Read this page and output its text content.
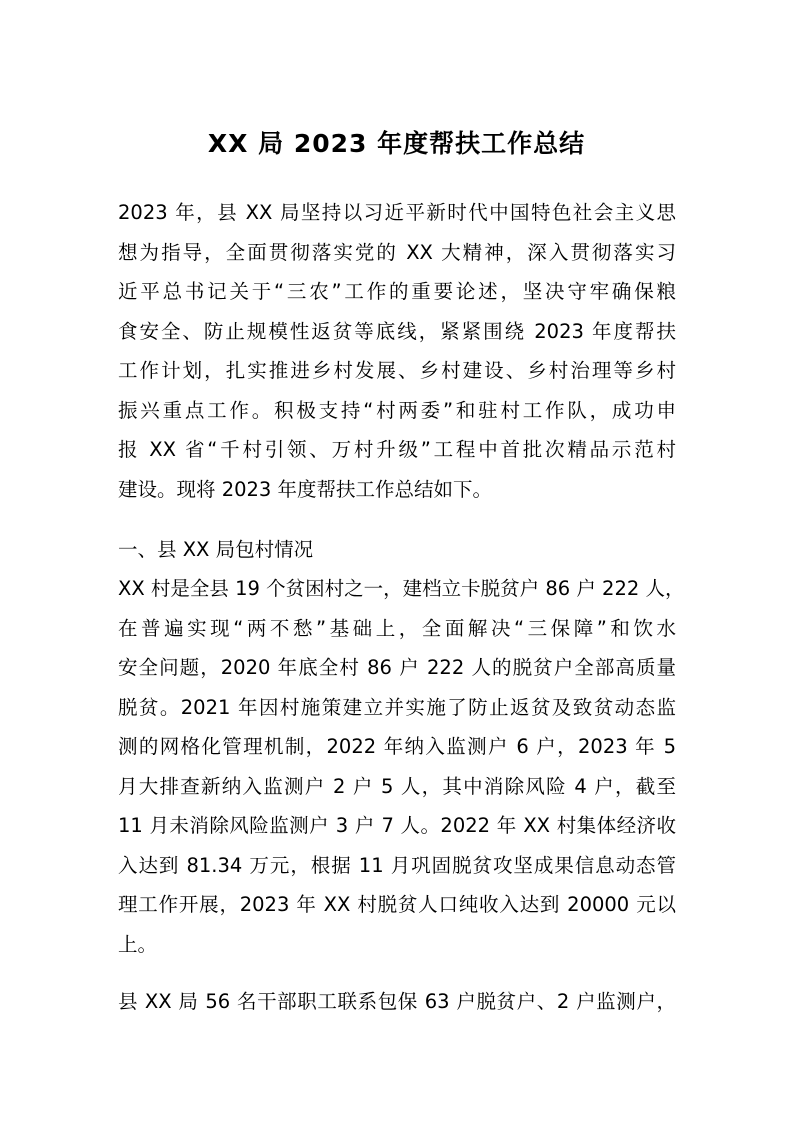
XX 局 2023 年度帮扶工作总结
2023 年，县 XX 局坚持以习近平新时代中国特色社会主义思
想为指导，全面贯彻落实党的 XX 大精神，深入贯彻落实习
近平总书记关于“三农”工作的重要论述，坚决守牢确保粮
食安全、防止规模性返贫等底线，紧紧围绕 2023 年度帮扶
工作计划，扎实推进乡村发展、乡村建设、乡村治理等乡村
振兴重点工作。积极支持“村两委”和驻村工作队，成功申
报 XX 省“千村引领、万村升级”工程中首批次精品示范村
建设。现将 2023 年度帮扶工作总结如下。
一、县 XX 局包村情况
XX 村是全县 19 个贫困村之一，建档立卡脱贫户 86 户 222 人，
在普遍实现“两不愁”基础上，全面解决“三保障”和饮水
安全问题，2020 年底全村 86 户 222 人的脱贫户全部高质量
脱贫。2021 年因村施策建立并实施了防止返贫及致贫动态监
测的网格化管理机制，2022 年纳入监测户 6 户，2023 年 5
月大排查新纳入监测户 2 户 5 人，其中消除风险 4 户，截至
11 月未消除风险监测户 3 户 7 人。2022 年 XX 村集体经济收
入达到 81.34 万元，根据 11 月巩固脱贫攻坚成果信息动态管
理工作开展，2023 年 XX 村脱贫人口纯收入达到 20000 元以
上。
县 XX 局 56 名干部职工联系包保 63 户脱贫户、2 户监测户，
